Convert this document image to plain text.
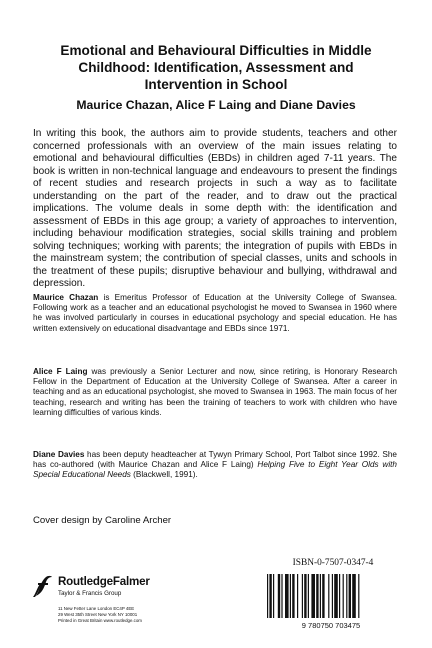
Emotional and Behavioural Difficulties in Middle Childhood: Identification, Assessment and Intervention in School
Maurice Chazan, Alice F Laing and Diane Davies

In writing this book, the authors aim to provide students, teachers and other concerned professionals with an overview of the main issues relating to emotional and behavioural difficulties (EBDs) in children aged 7-11 years. The book is written in non-technical language and endeavours to present the findings of recent studies and research projects in such a way as to facilitate understanding on the part of the reader, and to draw out the practical implications. The volume deals in some depth with: the identification and assessment of EBDs in this age group; a variety of approaches to intervention, including behaviour modification strategies, social skills training and problem solving techniques; working with parents; the integration of pupils with EBDs in the mainstream system; the contribution of special classes, units and schools in the treatment of these pupils; disruptive behaviour and bullying, withdrawal and depression.

Maurice Chazan is Emeritus Professor of Education at the University College of Swansea. Following work as a teacher and an educational psychologist he moved to Swansea in 1960 where he was involved particularly in courses in educational psychology and special education. He has written extensively on educational disadvantage and EBDs since 1971.

Alice F Laing was previously a Senior Lecturer and now, since retiring, is Honorary Research Fellow in the Department of Education at the University College of Swansea. After a career in teaching and as an educational psychologist, she moved to Swansea in 1963. The main focus of her teaching, research and writing has been the training of teachers to work with children who have learning difficulties of various kinds.

Diane Davies has been deputy headteacher at Tywyn Primary School, Port Talbot since 1992. She has co-authored (with Maurice Chazan and Alice F Laing) Helping Five to Eight Year Olds with Special Educational Needs (Blackwell, 1991).

Cover design by Caroline Archer
ISBN-0-7507-0347-4
9 780750 703475
RoutledgeFalmer
Taylor & Francis Group
11 New Fetter Lane London EC4P 4EE
29 West 35th Street New York NY 10001
Printed in Great Britain www.routledge.com
